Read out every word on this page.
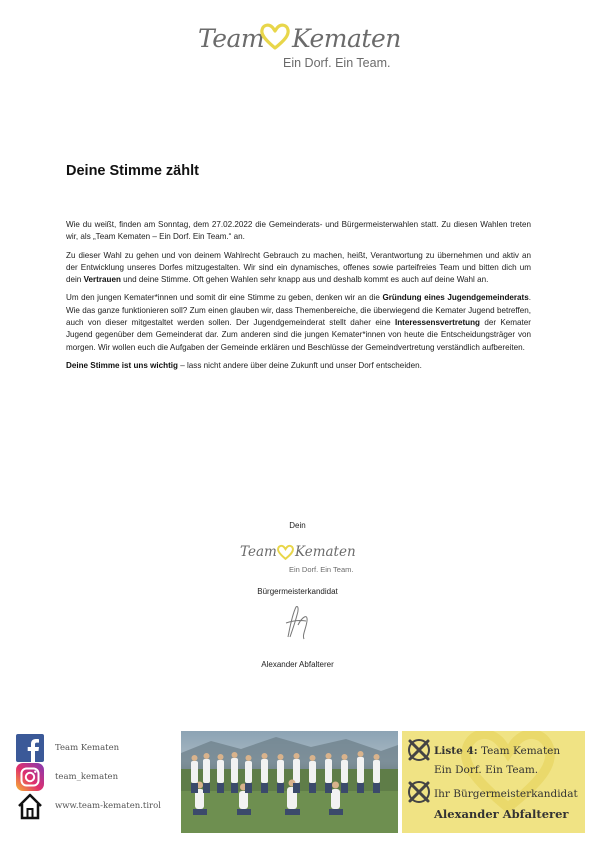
Team Kematen
Ein Dorf. Ein Team.
Deine Stimme zählt

Wie du weißt, finden am Sonntag, dem 27.02.2022 die Gemeinderats- und Bürgermeisterwahlen statt. Zu diesen Wahlen treten wir, als „Team Kematen – Ein Dorf. Ein Team.“ an.

Zu dieser Wahl zu gehen und von deinem Wahlrecht Gebrauch zu machen, heißt, Verantwortung zu übernehmen und aktiv an der Entwicklung unseres Dorfes mitzugestalten. Wir sind ein dynamisches, offenes sowie parteifreies Team und bitten dich um dein Vertrauen und deine Stimme. Oft gehen Wahlen sehr knapp aus und deshalb kommt es auch auf deine Wahl an.

Um den jungen Kemater*innen und somit dir eine Stimme zu geben, denken wir an die Gründung eines Jugendgemeinderats. Wie das ganze funktionieren soll? Zum einen glauben wir, dass Themenbereiche, die überwiegend die Kemater Jugend betreffen, auch von dieser mitgestaltet werden sollen. Der Jugendgemeinderat stellt daher eine Interessensvertretung der Kemater Jugend gegenüber dem Gemeinderat dar. Zum anderen sind die jungen Kemater*innen von heute die Entscheidungsträger von morgen. Wir wollen euch die Aufgaben der Gemeinde erklären und Beschlüsse der Gemeindvertretung verständlich aufbereiten.

Deine Stimme ist uns wichtig – lass nicht andere über deine Zukunft und unser Dorf entscheiden.

Dein
Team Kematen
Ein Dorf. Ein Team.
Bürgermeisterkandidat
Alexander Abfalterer
Team Kematen
team_kematen
www.team-kematen.tirol
Liste 4: Team Kematen
Ein Dorf. Ein Team.
Ihr Bürgermeisterkandidat
Alexander Abfalterer
